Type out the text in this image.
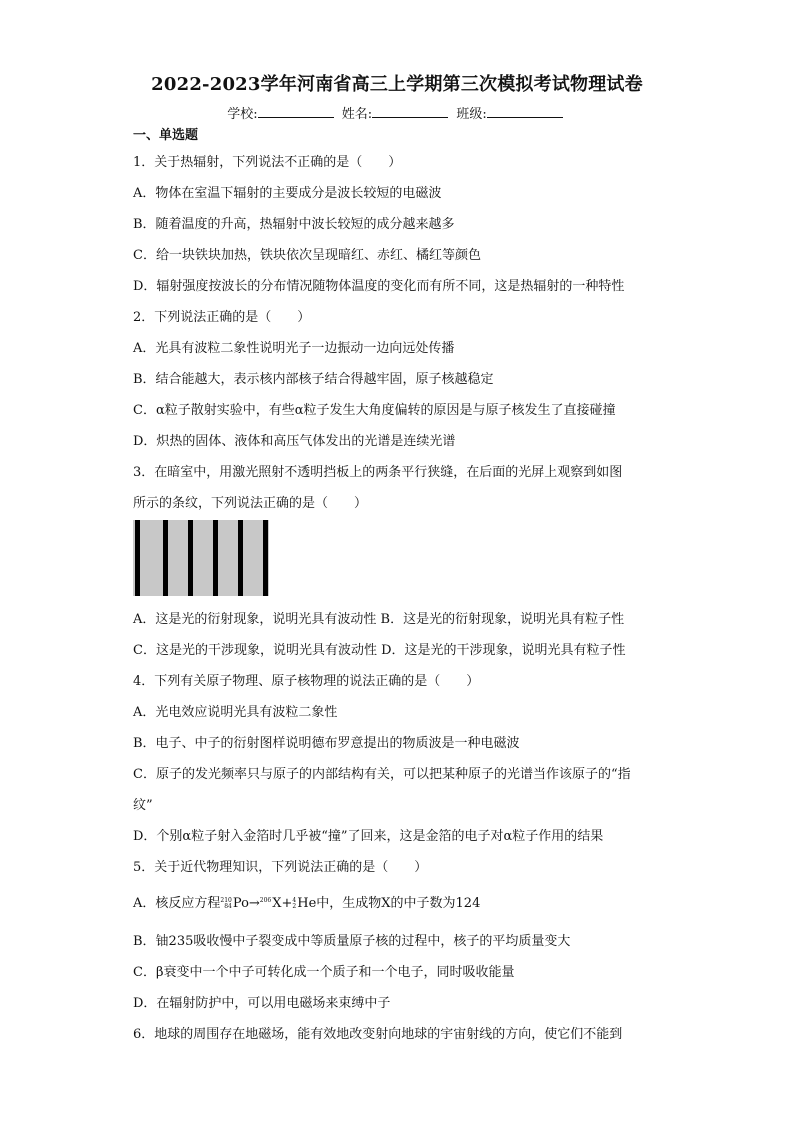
2022-2023学年河南省高三上学期第三次模拟考试物理试卷
学校:	姓名:	班级:
一、单选题
1．关于热辐射，下列说法不正确的是（　　）
A．物体在室温下辐射的主要成分是波长较短的电磁波
B．随着温度的升高，热辐射中波长较短的成分越来越多
C．给一块铁块加热，铁块依次呈现暗红、赤红、橘红等颜色
D．辐射强度按波长的分布情况随物体温度的变化而有所不同，这是热辐射的一种特性
2．下列说法正确的是（　　）
A．光具有波粒二象性说明光子一边振动一边向远处传播
B．结合能越大，表示核内部核子结合得越牢固，原子核越稳定
C．α粒子散射实验中，有些α粒子发生大角度偏转的原因是与原子核发生了直接碰撞
D．炽热的固体、液体和高压气体发出的光谱是连续光谱
3．在暗室中，用激光照射不透明挡板上的两条平行狭缝，在后面的光屏上观察到如图
所示的条纹，下列说法正确的是（　　）
A．这是光的衍射现象，说明光具有波动性 B．这是光的衍射现象，说明光具有粒子性
C．这是光的干涉现象，说明光具有波动性 D．这是光的干涉现象，说明光具有粒子性
4．下列有关原子物理、原子核物理的说法正确的是（　　）
A．光电效应说明光具有波粒二象性
B．电子、中子的衍射图样说明德布罗意提出的物质波是一种电磁波
C．原子的发光频率只与原子的内部结构有关，可以把某种原子的光谱当作该原子的“指
纹”
D．个别α粒子射入金箔时几乎被“撞”了回来，这是金箔的电子对α粒子作用的结果
5．关于近代物理知识，下列说法正确的是（　　）
A．核反应方程210
84Po→206
X+4
2He中，生成物X的中子数为124
B．铀235吸收慢中子裂变成中等质量原子核的过程中，核子的平均质量变大
C．β衰变中一个中子可转化成一个质子和一个电子，同时吸收能量
D．在辐射防护中，可以用电磁场来束缚中子
6．地球的周围存在地磁场，能有效地改变射向地球的宇宙射线的方向，使它们不能到
